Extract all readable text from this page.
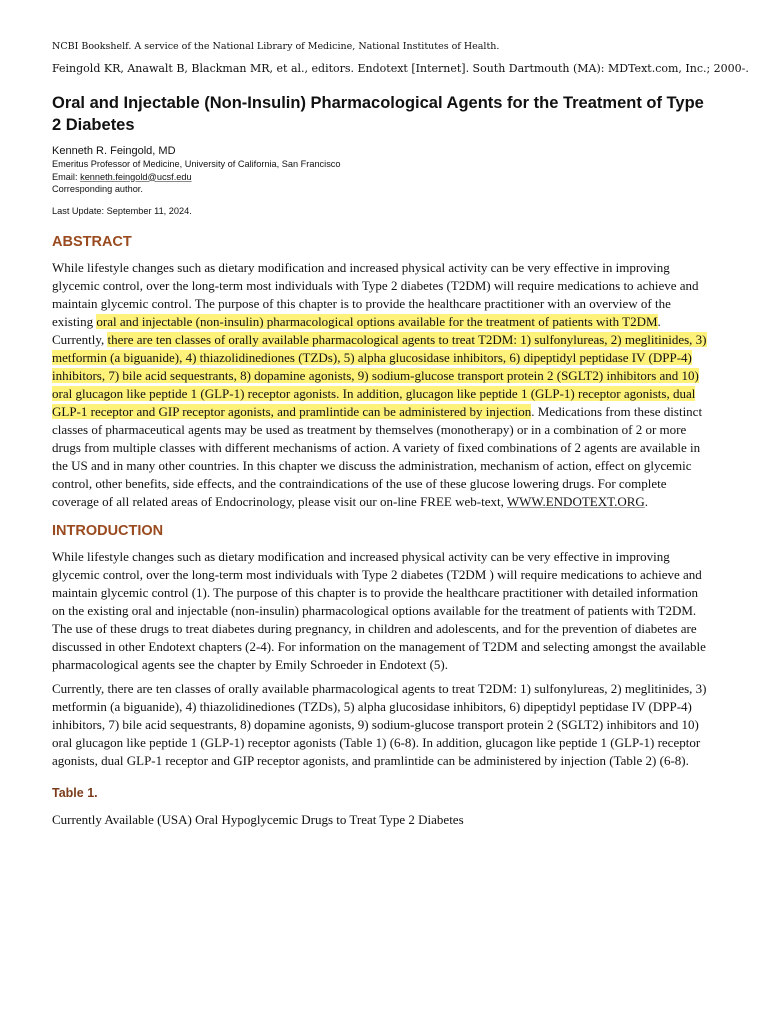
NCBI Bookshelf. A service of the National Library of Medicine, National Institutes of Health.
Feingold KR, Anawalt B, Blackman MR, et al., editors. Endotext [Internet]. South Dartmouth (MA): MDText.com, Inc.; 2000-.
Oral and Injectable (Non-Insulin) Pharmacological Agents for the Treatment of Type 2 Diabetes
Kenneth R. Feingold, MD
Emeritus Professor of Medicine, University of California, San Francisco
Email: kenneth.feingold@ucsf.edu
Corresponding author.
Last Update: September 11, 2024.
ABSTRACT

While lifestyle changes such as dietary modification and increased physical activity can be very effective in improving glycemic control, over the long-term most individuals with Type 2 diabetes (T2DM) will require medications to achieve and maintain glycemic control. The purpose of this chapter is to provide the healthcare practitioner with an overview of the existing oral and injectable (non-insulin) pharmacological options available for the treatment of patients with T2DM. Currently, there are ten classes of orally available pharmacological agents to treat T2DM: 1) sulfonylureas, 2) meglitinides, 3) metformin (a biguanide), 4) thiazolidinediones (TZDs), 5) alpha glucosidase inhibitors, 6) dipeptidyl peptidase IV (DPP-4) inhibitors, 7) bile acid sequestrants, 8) dopamine agonists, 9) sodium-glucose transport protein 2 (SGLT2) inhibitors and 10) oral glucagon like peptide 1 (GLP-1) receptor agonists. In addition, glucagon like peptide 1 (GLP-1) receptor agonists, dual GLP-1 receptor and GIP receptor agonists, and pramlintide can be administered by injection. Medications from these distinct classes of pharmaceutical agents may be used as treatment by themselves (monotherapy) or in a combination of 2 or more drugs from multiple classes with different mechanisms of action. A variety of fixed combinations of 2 agents are available in the US and in many other countries. In this chapter we discuss the administration, mechanism of action, effect on glycemic control, other benefits, side effects, and the contraindications of the use of these glucose lowering drugs. For complete coverage of all related areas of Endocrinology, please visit our on-line FREE web-text, WWW.ENDOTEXT.ORG.

INTRODUCTION

While lifestyle changes such as dietary modification and increased physical activity can be very effective in improving glycemic control, over the long-term most individuals with Type 2 diabetes (T2DM ) will require medications to achieve and maintain glycemic control (1). The purpose of this chapter is to provide the healthcare practitioner with detailed information on the existing oral and injectable (non-insulin) pharmacological options available for the treatment of patients with T2DM. The use of these drugs to treat diabetes during pregnancy, in children and adolescents, and for the prevention of diabetes are discussed in other Endotext chapters (2-4). For information on the management of T2DM and selecting amongst the available pharmacological agents see the chapter by Emily Schroeder in Endotext (5).

Currently, there are ten classes of orally available pharmacological agents to treat T2DM: 1) sulfonylureas, 2) meglitinides, 3) metformin (a biguanide), 4) thiazolidinediones (TZDs), 5) alpha glucosidase inhibitors, 6) dipeptidyl peptidase IV (DPP-4) inhibitors, 7) bile acid sequestrants, 8) dopamine agonists, 9) sodium-glucose transport protein 2 (SGLT2) inhibitors and 10) oral glucagon like peptide 1 (GLP-1) receptor agonists (Table 1) (6-8). In addition, glucagon like peptide 1 (GLP-1) receptor agonists, dual GLP-1 receptor and GIP receptor agonists, and pramlintide can be administered by injection (Table 2) (6-8).

Table 1.
Currently Available (USA) Oral Hypoglycemic Drugs to Treat Type 2 Diabetes
